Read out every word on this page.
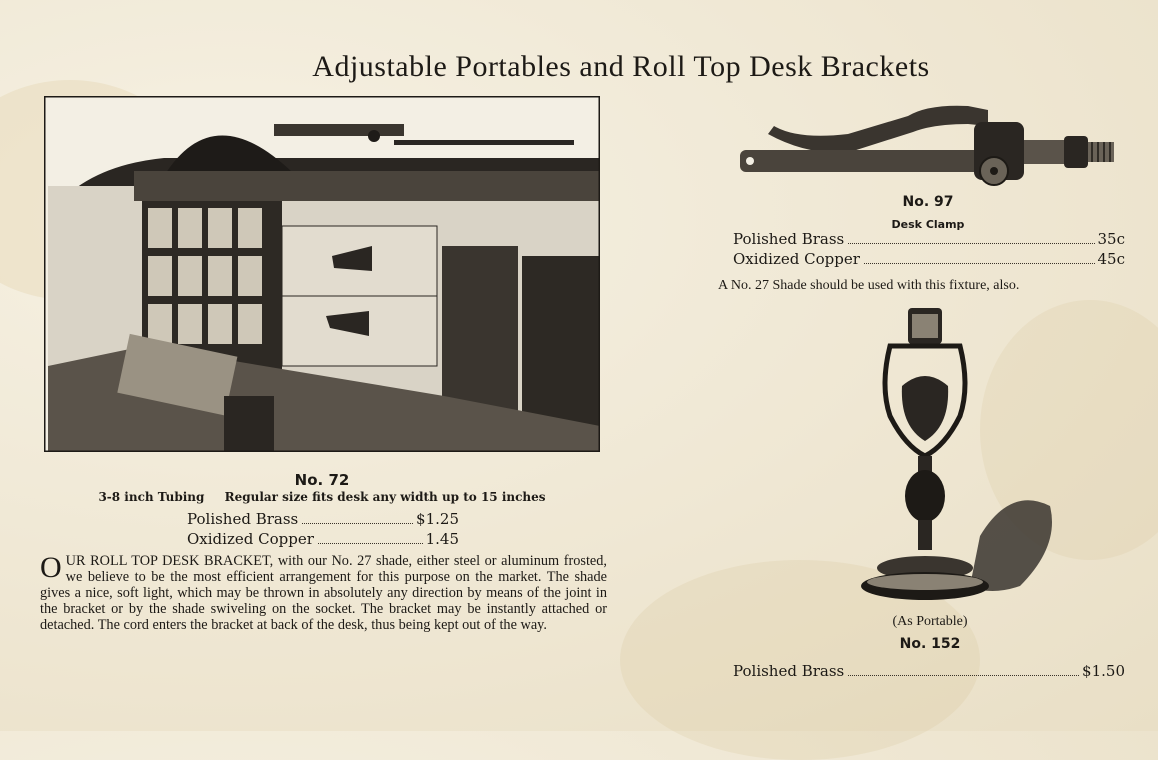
Adjustable Portables and Roll Top Desk Brackets
No. 72
3-8 inch Tubing Regular size fits desk any width up to 15 inches
Polished Brass	$1.25
Oxidized Copper	1.45
OUR ROLL TOP DESK BRACKET, with our No. 27 shade, either steel or aluminum frosted, we believe to be the most efficient arrangement for this purpose on the market. The shade gives a nice, soft light, which may be thrown in absolutely any direction by means of the joint in the bracket or by the shade swiveling on the socket. The bracket may be instantly attached or detached. The cord enters the bracket at back of the desk, thus being kept out of the way.
No. 97
Desk Clamp
Polished Brass	35c
Oxidized Copper	45c
A No. 27 Shade should be used with this fixture, also.
(As Portable)
No. 152
Polished Brass	$1.50
